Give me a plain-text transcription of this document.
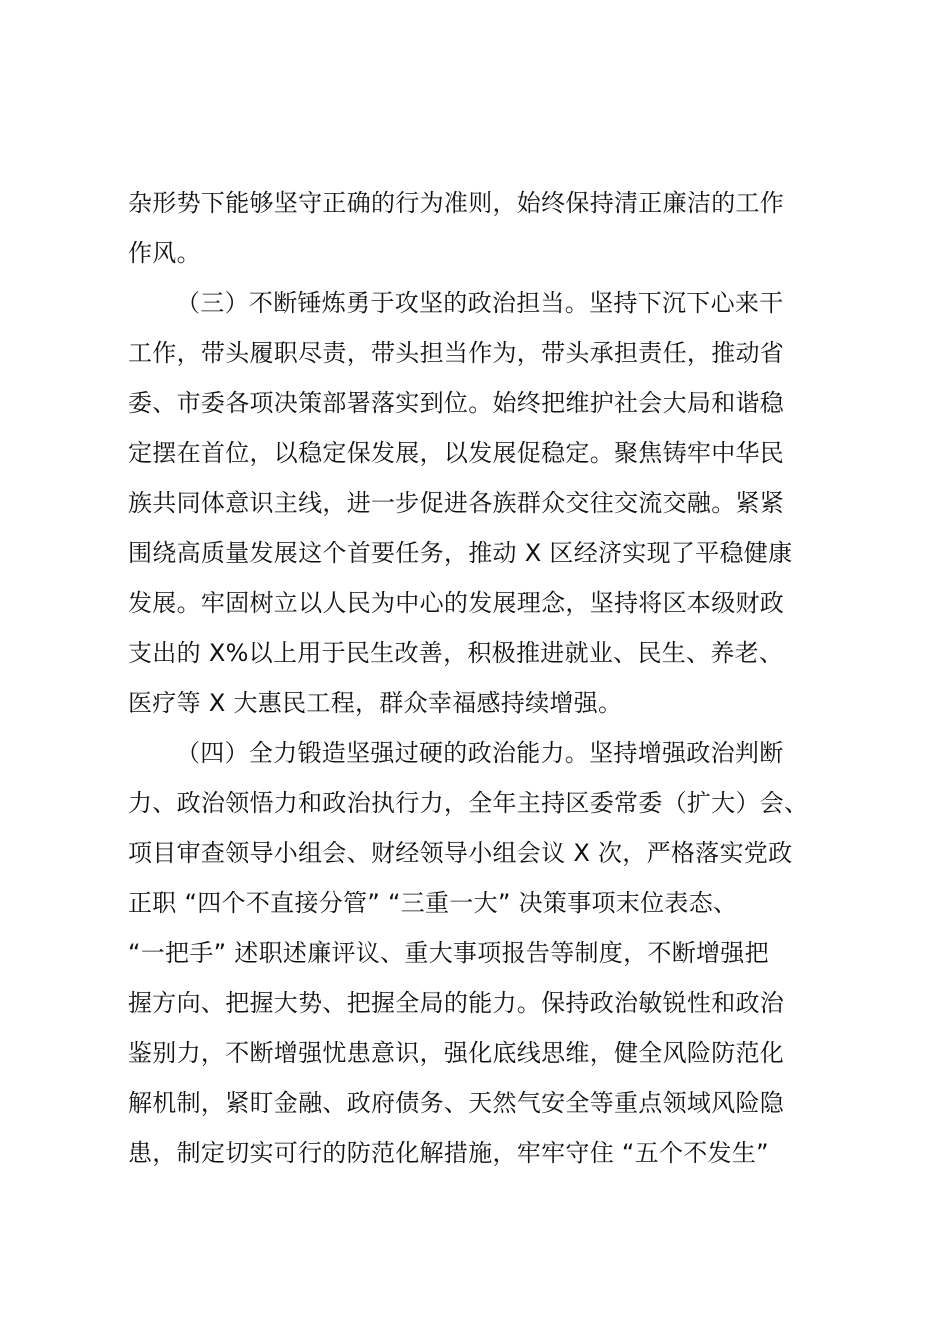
杂形势下能够坚守正确的行为准则，始终保持清正廉洁的工作
作风。
（三）不断锤炼勇于攻坚的政治担当。坚持下沉下心来干
工作，带头履职尽责，带头担当作为，带头承担责任，推动省
委、市委各项决策部署落实到位。始终把维护社会大局和谐稳
定摆在首位，以稳定保发展，以发展促稳定。聚焦铸牢中华民
族共同体意识主线，进一步促进各族群众交往交流交融。紧紧
围绕高质量发展这个首要任务，推动 X 区经济实现了平稳健康
发展。牢固树立以人民为中心的发展理念，坚持将区本级财政
支出的 X%以上用于民生改善，积极推进就业、民生、养老、
医疗等 X 大惠民工程，群众幸福感持续增强。
（四）全力锻造坚强过硬的政治能力。坚持增强政治判断
力、政治领悟力和政治执行力，全年主持区委常委（扩大）会、
项目审查领导小组会、财经领导小组会议 X 次，严格落实党政
正职 “四个不直接分管” “三重一大” 决策事项末位表态、
“一把手” 述职述廉评议、重大事项报告等制度，不断增强把
握方向、把握大势、把握全局的能力。保持政治敏锐性和政治
鉴别力，不断增强忧患意识，强化底线思维，健全风险防范化
解机制，紧盯金融、政府债务、天然气安全等重点领域风险隐
患，制定切实可行的防范化解措施，牢牢守住 “五个不发生”
